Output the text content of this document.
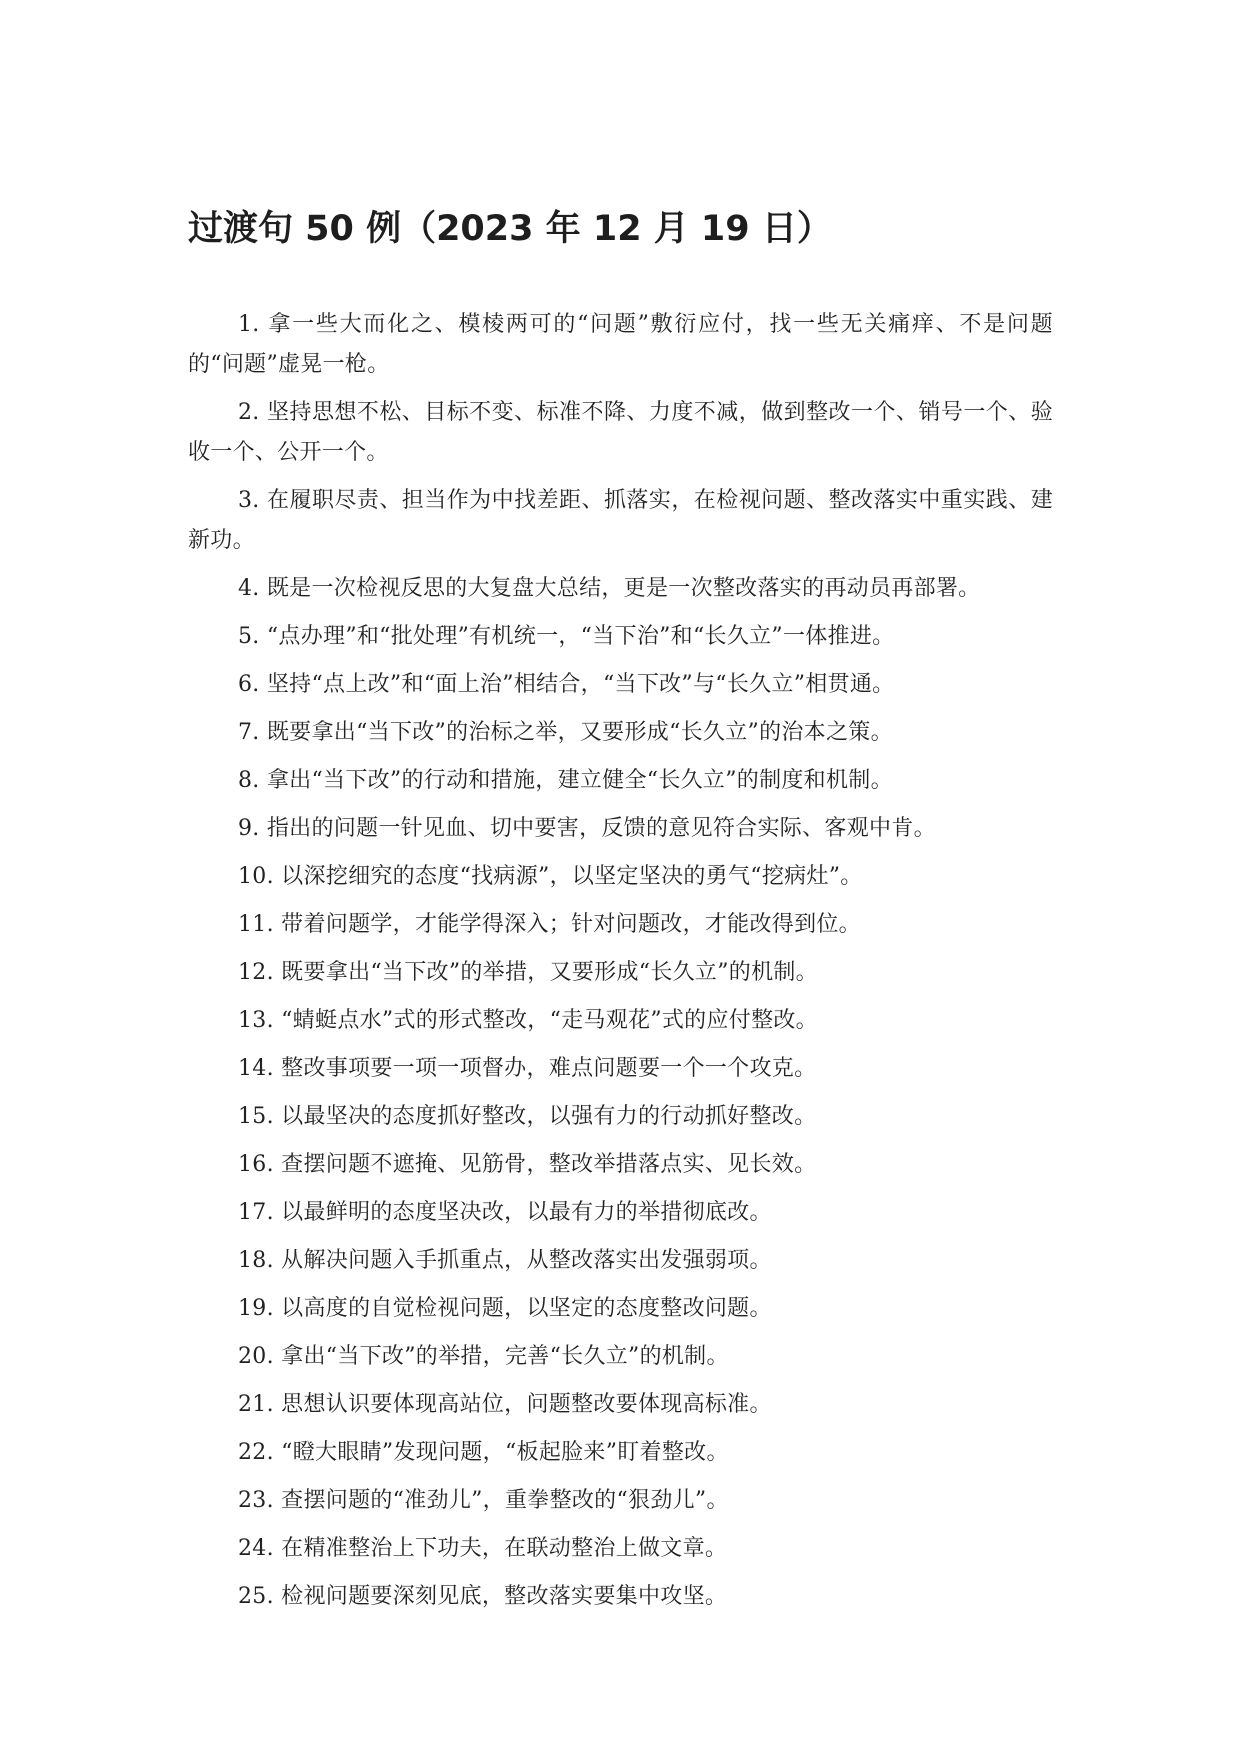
过渡句 50 例（2023 年 12 月 19 日）

1. 拿一些大而化之、模棱两可的“问题”敷衍应付，找一些无关痛痒、不是问题的“问题”虚晃一枪。

2. 坚持思想不松、目标不变、标准不降、力度不减，做到整改一个、销号一个、验收一个、公开一个。

3. 在履职尽责、担当作为中找差距、抓落实，在检视问题、整改落实中重实践、建新功。

4. 既是一次检视反思的大复盘大总结，更是一次整改落实的再动员再部署。

5. “点办理”和“批处理”有机统一，“当下治”和“长久立”一体推进。

6. 坚持“点上改”和“面上治”相结合，“当下改”与“长久立”相贯通。

7. 既要拿出“当下改”的治标之举，又要形成“长久立”的治本之策。

8. 拿出“当下改”的行动和措施，建立健全“长久立”的制度和机制。

9. 指出的问题一针见血、切中要害，反馈的意见符合实际、客观中肯。

10. 以深挖细究的态度“找病源”，以坚定坚决的勇气“挖病灶”。

11. 带着问题学，才能学得深入；针对问题改，才能改得到位。

12. 既要拿出“当下改”的举措，又要形成“长久立”的机制。

13. “蜻蜓点水”式的形式整改，“走马观花”式的应付整改。

14. 整改事项要一项一项督办，难点问题要一个一个攻克。

15. 以最坚决的态度抓好整改，以强有力的行动抓好整改。

16. 查摆问题不遮掩、见筋骨，整改举措落点实、见长效。

17. 以最鲜明的态度坚决改，以最有力的举措彻底改。

18. 从解决问题入手抓重点，从整改落实出发强弱项。

19. 以高度的自觉检视问题，以坚定的态度整改问题。

20. 拿出“当下改”的举措，完善“长久立”的机制。

21. 思想认识要体现高站位，问题整改要体现高标准。

22. “瞪大眼睛”发现问题，“板起脸来”盯着整改。

23. 查摆问题的“准劲儿”，重拳整改的“狠劲儿”。

24. 在精准整治上下功夫，在联动整治上做文章。

25. 检视问题要深刻见底，整改落实要集中攻坚。
